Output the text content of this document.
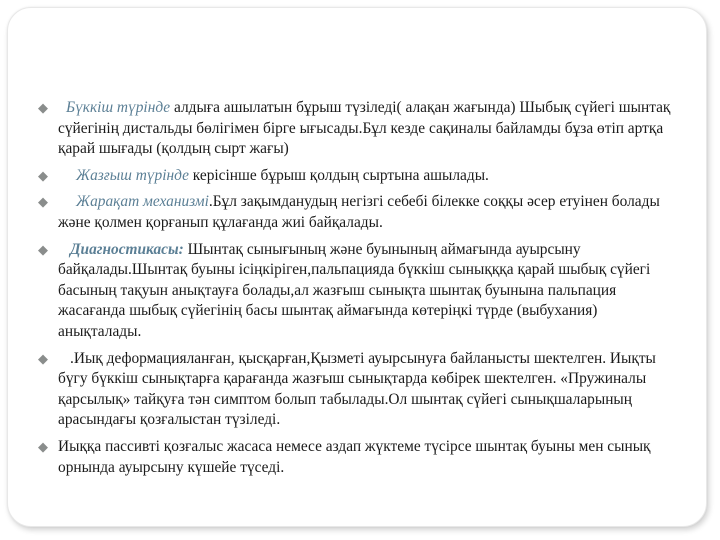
◆ Бүккіш түрінде алдыға ашылатын бұрыш түзіледі( алақан жағында) Шыбық сүйегі шынтақ сүйегінің дистальды бөлігімен бірге ығысады.Бұл кезде сақиналы байламды бұза өтіп артқа қарай шығады (қолдың сырт жағы)
◆ Жазғыш түрінде керісінше бұрыш қолдың сыртына ашылады.
◆ Жарақат механизмі.Бұл зақымданудың негізгі себебі білекке соққы әсер етуінен болады және қолмен қорғанып құлағанда жиі байқалады.
◆ Диагностикасы: Шынтақ сынығының және буынының аймағында ауырсыну байқалады.Шынтақ буыны ісіңкіріген,пальпацияда бүккіш сынықққа қарай шыбық сүйегі басының тақуын анықтауға болады,ал жазғыш сынықта шынтақ буынына пальпация жасағанда шыбық сүйегінің басы шынтақ аймағында көтеріңкі түрде (выбухания) анықталады.
◆ .Иық деформацияланған, қысқарған,Қызметі ауырсынуға байланысты шектелген. Иықты бүгу бүккіш сынықтарға қарағанда жазғыш сынықтарда көбірек шектелген. «Пружиналы қарсылық» тайқуға тән симптом болып табылады.Ол шынтақ сүйегі сынықшаларының арасындағы қозғалыстан түзіледі.
◆ Иыққа пассивті қозғалыс жасаса немесе аздап жүктеме түсірсе шынтақ буыны мен сынық орнында ауырсыну күшейе түседі.
